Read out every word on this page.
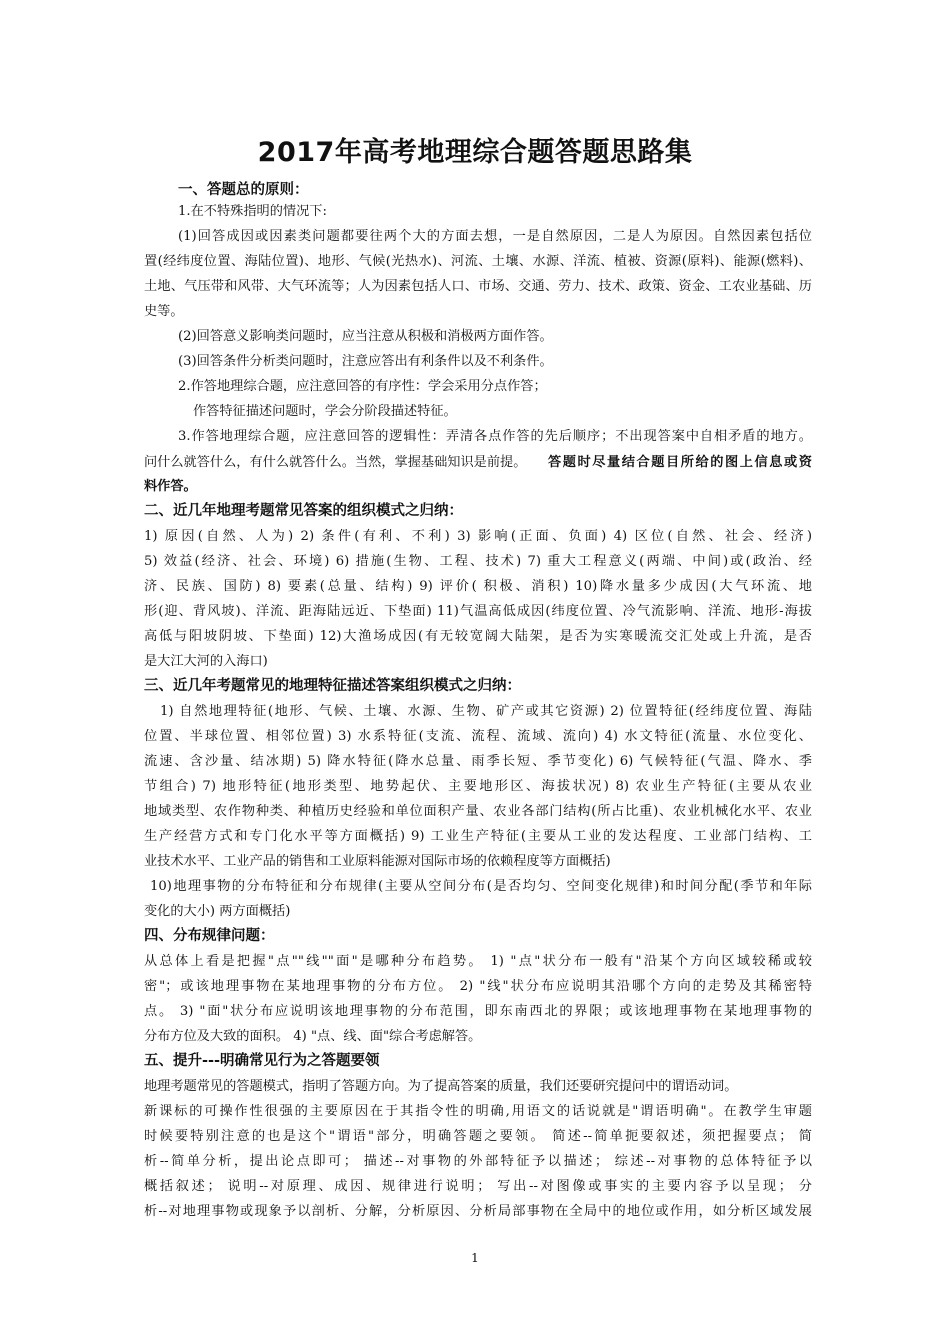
2017年高考地理综合题答题思路集
一、答题总的原则：
1.在不特殊指明的情况下:
(1)回答成因或因素类问题都要往两个大的方面去想，一是自然原因，二是人为原因。自然因素包括位
置(经纬度位置、海陆位置)、地形、气候(光热水)、河流、土壤、水源、洋流、植被、资源(原料)、能源(燃料)、
土地、气压带和风带、大气环流等；人为因素包括人口、市场、交通、劳力、技术、政策、资金、工农业基础、历
史等。
(2)回答意义影响类问题时，应当注意从积极和消极两方面作答。
(3)回答条件分析类问题时，注意应答出有利条件以及不利条件。
2.作答地理综合题，应注意回答的有序性：学会采用分点作答；
作答特征描述问题时，学会分阶段描述特征。
3.作答地理综合题，应注意回答的逻辑性：弄清各点作答的先后顺序；不出现答案中自相矛盾的地方。
问什么就答什么，有什么就答什么。当然，掌握基础知识是前提。	答题时尽量结合题目所给的图上信息或资
料作答。
二、近几年地理考题常见答案的组织模式之归纳：
1) 原因(自然、人为) 2) 条件(有利、不利) 3) 影响(正面、负面) 4) 区位(自然、社会、经济)
5) 效益(经济、社会、环境) 6) 措施(生物、工程、技术) 7) 重大工程意义(两端、中间)或(政治、经
济、民族、国防) 8) 要素(总量、结构) 9) 评价( 积极、消积) 10)降水量多少成因(大气环流、地
形(迎、背风坡)、洋流、距海陆远近、下垫面) 11)气温高低成因(纬度位置、冷气流影响、洋流、地形-海拔
高低与阳坡阴坡、下垫面) 12)大渔场成因(有无较宽阔大陆架，是否为实寒暖流交汇处或上升流，是否
是大江大河的入海口)
三、近几年考题常见的地理特征描述答案组织模式之归纳：
1) 自然地理特征(地形、气候、土壤、水源、生物、矿产或其它资源) 2) 位置特征(经纬度位置、海陆
位置、半球位置、相邻位置) 3) 水系特征(支流、流程、流域、流向) 4) 水文特征(流量、水位变化、
流速、含沙量、结冰期) 5) 降水特征(降水总量、雨季长短、季节变化) 6) 气候特征(气温、降水、季
节组合) 7) 地形特征(地形类型、地势起伏、主要地形区、海拔状况) 8) 农业生产特征(主要从农业
地域类型、农作物种类、种植历史经验和单位面积产量、农业各部门结构(所占比重)、农业机械化水平、农业
生产经营方式和专门化水平等方面概括) 9) 工业生产特征(主要从工业的发达程度、工业部门结构、工
业技术水平、工业产品的销售和工业原料能源对国际市场的依赖程度等方面概括)
10)地理事物的分布特征和分布规律(主要从空间分布(是否均匀、空间变化规律)和时间分配(季节和年际
变化的大小) 两方面概括)
四、分布规律问题：
从总体上看是把握"点""线""面"是哪种分布趋势。 1) "点"状分布一般有"沿某个方向区域较稀或较
密"；或该地理事物在某地理事物的分布方位。 2) "线"状分布应说明其沿哪个方向的走势及其稀密特
点。 3) "面"状分布应说明该地理事物的分布范围，即东南西北的界限；或该地理事物在某地理事物的
分布方位及大致的面积。 4) "点、线、面"综合考虑解答。
五、提升---明确常见行为之答题要领
地理考题常见的答题模式，指明了答题方向。为了提高答案的质量，我们还要研究提问中的谓语动词。
新课标的可操作性很强的主要原因在于其指令性的明确,用语文的话说就是"谓语明确"。在教学生审题
时候要特别注意的也是这个"谓语"部分，明确答题之要领。 简述--简单扼要叙述，须把握要点； 简
析--简单分析，提出论点即可； 描述--对事物的外部特征予以描述； 综述--对事物的总体特征予以
概括叙述； 说明--对原理、成因、规律进行说明； 写出--对图像或事实的主要内容予以呈现； 分
析--对地理事物或现象予以剖析、分解，分析原因、分析局部事物在全局中的地位或作用，如分析区域发展
1
